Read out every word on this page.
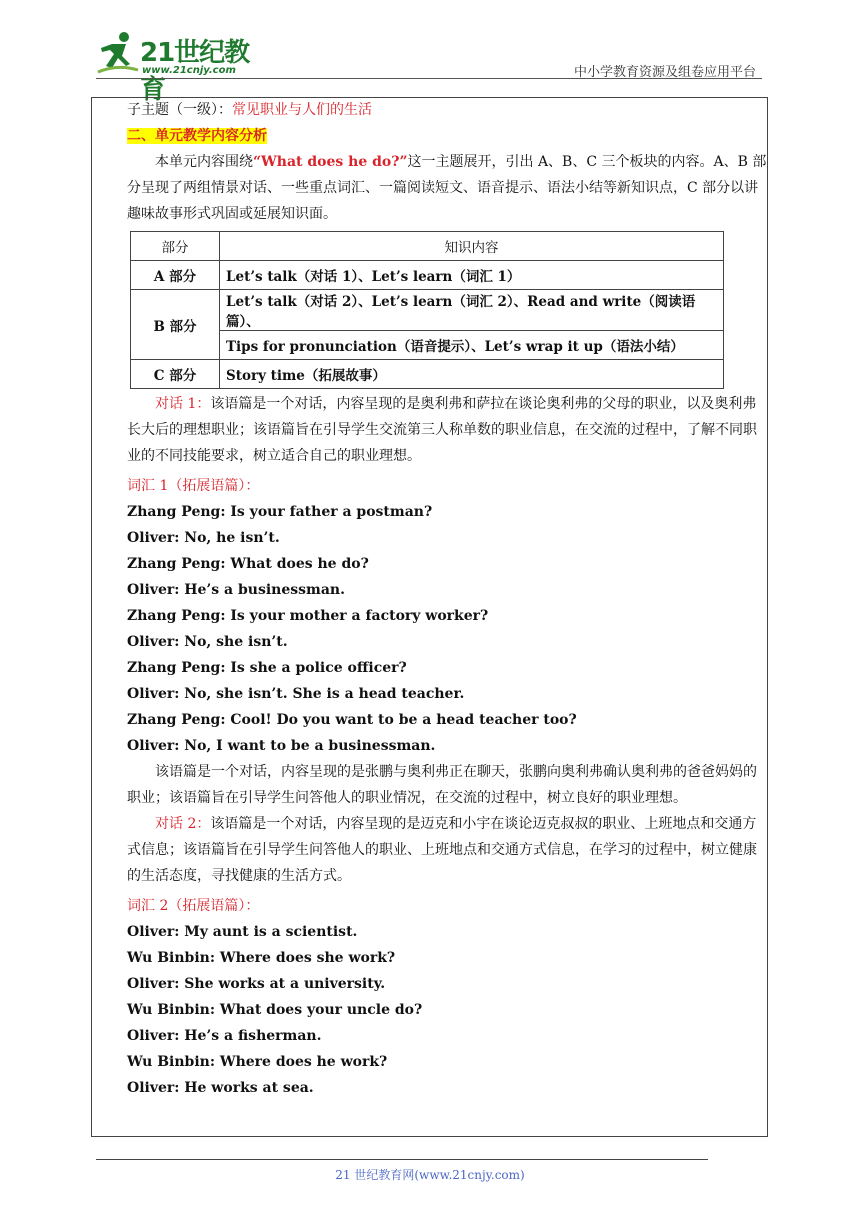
21世纪教育
www.21cnjy.com	中小学教育资源及组卷应用平台

子主题（一级）：常见职业与人们的生活

二、单元教学内容分析

本单元内容围绕“What does he do?”这一主题展开，引出 A、B、C 三个板块的内容。A、B 部分呈现了两组情景对话、一些重点词汇、一篇阅读短文、语音提示、语法小结等新知识点，C 部分以讲趣味故事形式巩固或延展知识面。

部分	知识内容
A 部分	Let’s talk（对话 1）、Let’s learn（词汇 1）
B 部分	Let’s talk（对话 2）、Let’s learn（词汇 2）、Read and write（阅读语篇）、
	Tips for pronunciation（语音提示）、Let’s wrap it up（语法小结）
C 部分	Story time（拓展故事）

对话 1：该语篇是一个对话，内容呈现的是奥利弗和萨拉在谈论奥利弗的父母的职业，以及奥利弗长大后的理想职业；该语篇旨在引导学生交流第三人称单数的职业信息，在交流的过程中，了解不同职业的不同技能要求，树立适合自己的职业理想。

词汇 1（拓展语篇）：

Zhang Peng: Is your father a postman?

Oliver: No, he isn’t.

Zhang Peng: What does he do?

Oliver: He’s a businessman.

Zhang Peng: Is your mother a factory worker?

Oliver: No, she isn’t.

Zhang Peng: Is she a police officer?

Oliver: No, she isn’t. She is a head teacher.

Zhang Peng: Cool! Do you want to be a head teacher too?

Oliver: No, I want to be a businessman.

该语篇是一个对话，内容呈现的是张鹏与奥利弗正在聊天，张鹏向奥利弗确认奥利弗的爸爸妈妈的职业；该语篇旨在引导学生问答他人的职业情况，在交流的过程中，树立良好的职业理想。

对话 2：该语篇是一个对话，内容呈现的是迈克和小宇在谈论迈克叔叔的职业、上班地点和交通方式信息；该语篇旨在引导学生问答他人的职业、上班地点和交通方式信息，在学习的过程中，树立健康的生活态度，寻找健康的生活方式。

词汇 2（拓展语篇）：

Oliver: My aunt is a scientist.

Wu Binbin: Where does she work?

Oliver: She works at a university.

Wu Binbin: What does your uncle do?

Oliver: He’s a fisherman.

Wu Binbin: Where does he work?

Oliver: He works at sea.

21 世纪教育网(www.21cnjy.com)
